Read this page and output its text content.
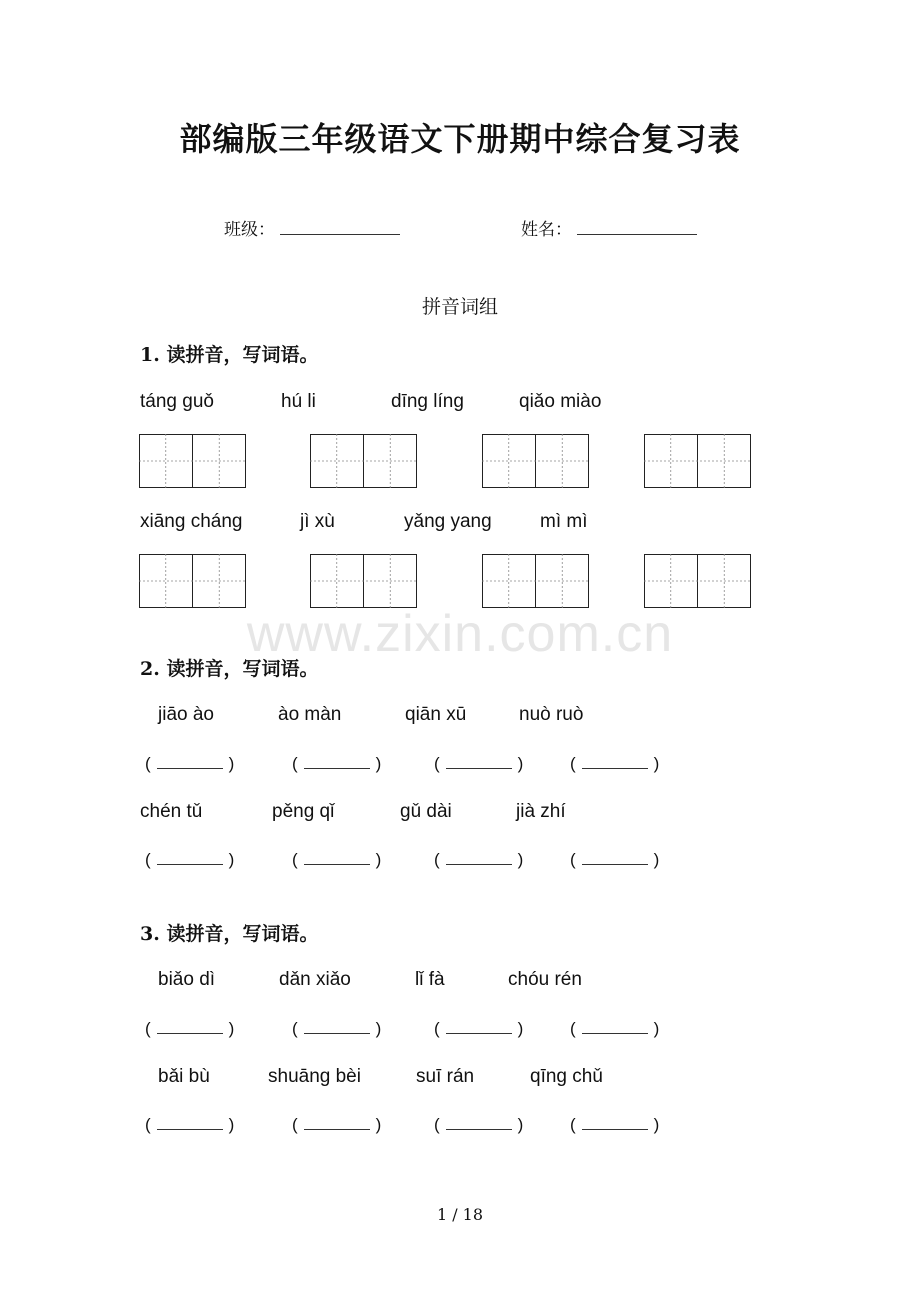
部编版三年级语文下册期中综合复习表
班级：	姓名：
拼音词组
www.zixin.com.cn
1. 读拼音，写词语。
táng guǒ	hú li	dīng líng	qiǎo miào
xiāng cháng	jì xù	yǎng yang	mì mì
2. 读拼音，写词语。
jiāo ào	ào màn	qiān xū	nuò ruò
(	)	(	)	(	)	(	)
chén tǔ	pěng qǐ	gǔ dài	jià zhí
(	)	(	)	(	)	(	)
3. 读拼音，写词语。
biǎo dì	dǎn xiǎo	lǐ fà	chóu rén
(	)	(	)	(	)	(	)
bǎi bù	shuāng bèi	suī rán	qīng chǔ
(	)	(	)	(	)	(	)
1 / 18
